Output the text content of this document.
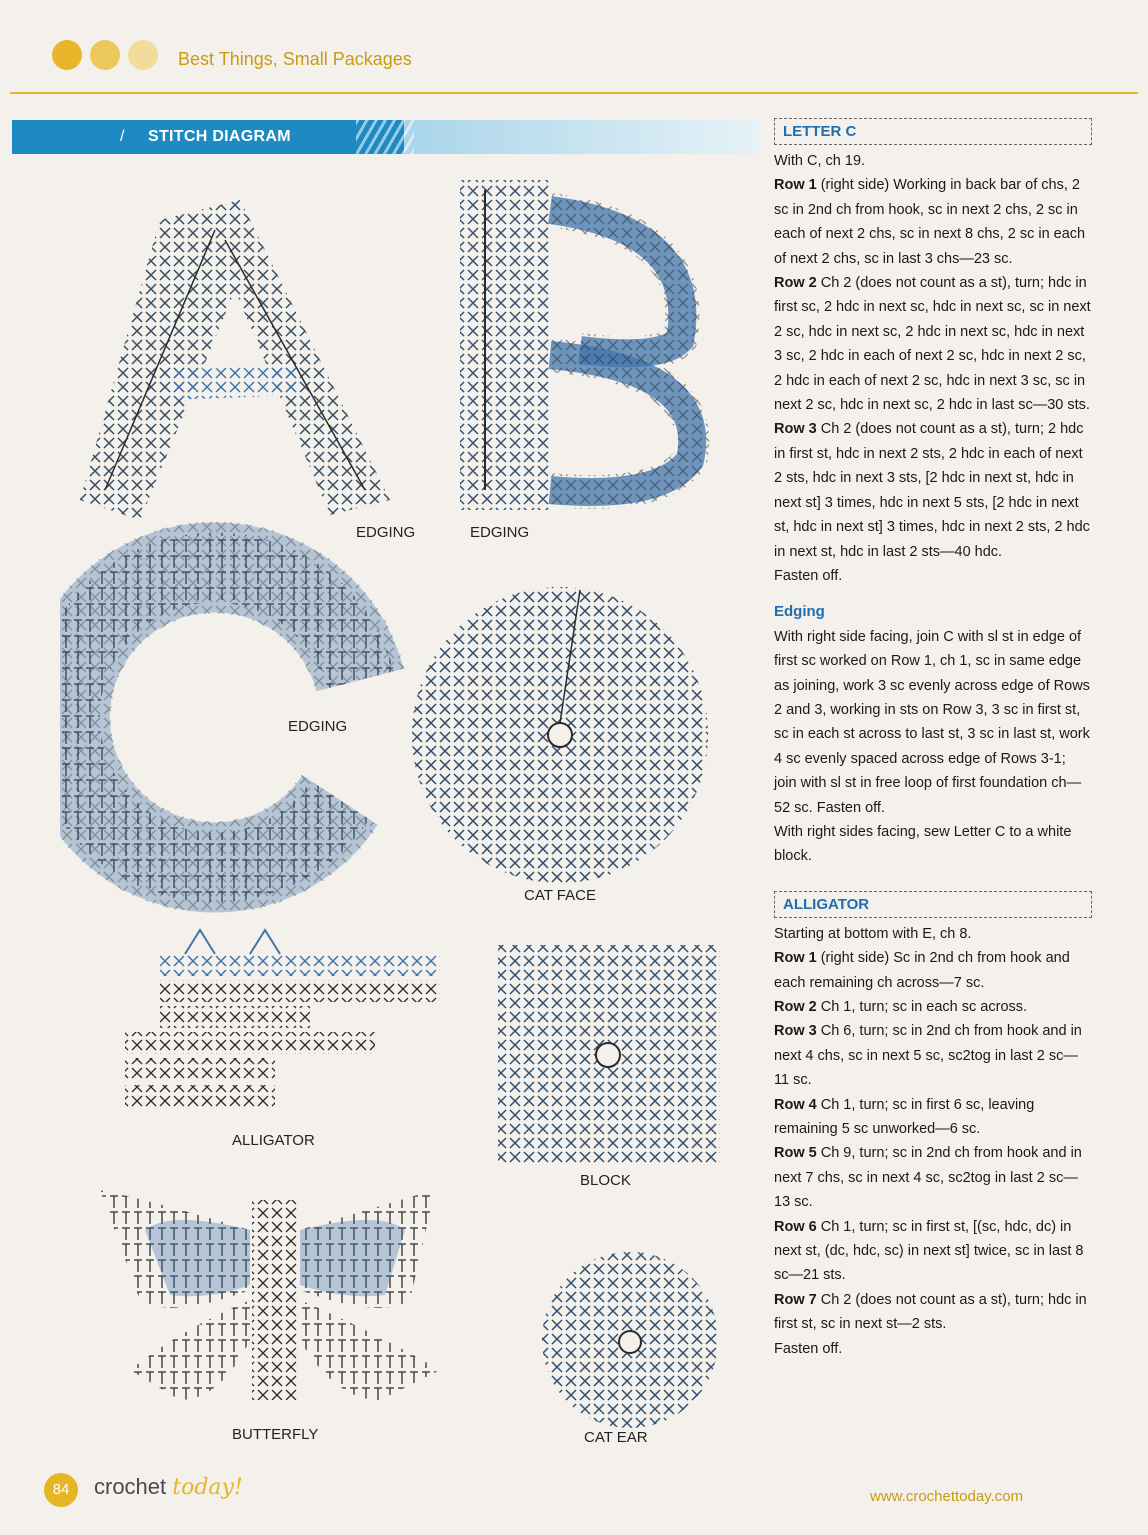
Best Things, Small Packages
/ STITCH DIAGRAM
EDGING	EDGING
EDGING
CAT FACE
ALLIGATOR
BLOCK
BUTTERFLY	CAT EAR
LETTER C

With C, ch 19.

Row 1 (right side) Working in back bar of chs, 2 sc in 2nd ch from hook, sc in next 2 chs, 2 sc in each of next 2 chs, sc in next 8 chs, 2 sc in each of next 2 chs, sc in last 3 chs—23 sc.

Row 2 Ch 2 (does not count as a st), turn; hdc in first sc, 2 hdc in next sc, hdc in next sc, sc in next 2 sc, hdc in next sc, 2 hdc in next sc, hdc in next 3 sc, 2 hdc in each of next 2 sc, hdc in next 2 sc, 2 hdc in each of next 2 sc, hdc in next 3 sc, sc in next 2 sc, hdc in next sc, 2 hdc in last sc—30 sts.

Row 3 Ch 2 (does not count as a st), turn; 2 hdc in first st, hdc in next 2 sts, 2 hdc in each of next 2 sts, hdc in next 3 sts, [2 hdc in next st, hdc in next st] 3 times, hdc in next 5 sts, [2 hdc in next st, hdc in next st] 3 times, hdc in next 2 sts, 2 hdc in next st, hdc in last 2 sts—40 hdc.

Fasten off.

Edging

With right side facing, join C with sl st in edge of first sc worked on Row 1, ch 1, sc in same edge as joining, work 3 sc evenly across edge of Rows 2 and 3, working in sts on Row 3, 3 sc in first st, sc in each st across to last st, 3 sc in last st, work 4 sc evenly spaced across edge of Rows 3-1; join with sl st in free loop of first foundation ch—52 sc. Fasten off.

With right sides facing, sew Letter C to a white block.

ALLIGATOR

Starting at bottom with E, ch 8.

Row 1 (right side) Sc in 2nd ch from hook and each remaining ch across—7 sc.

Row 2 Ch 1, turn; sc in each sc across.

Row 3 Ch 6, turn; sc in 2nd ch from hook and in next 4 chs, sc in next 5 sc, sc2tog in last 2 sc—11 sc.

Row 4 Ch 1, turn; sc in first 6 sc, leaving remaining 5 sc unworked—6 sc.

Row 5 Ch 9, turn; sc in 2nd ch from hook and in next 7 chs, sc in next 4 sc, sc2tog in last 2 sc—13 sc.

Row 6 Ch 1, turn; sc in first st, [(sc, hdc, dc) in next st, (dc, hdc, sc) in next st] twice, sc in last 8 sc—21 sts.

Row 7 Ch 2 (does not count as a st), turn; hdc in first st, sc in next st—2 sts.

Fasten off.

84	crochet today!	www.crochettoday.com
